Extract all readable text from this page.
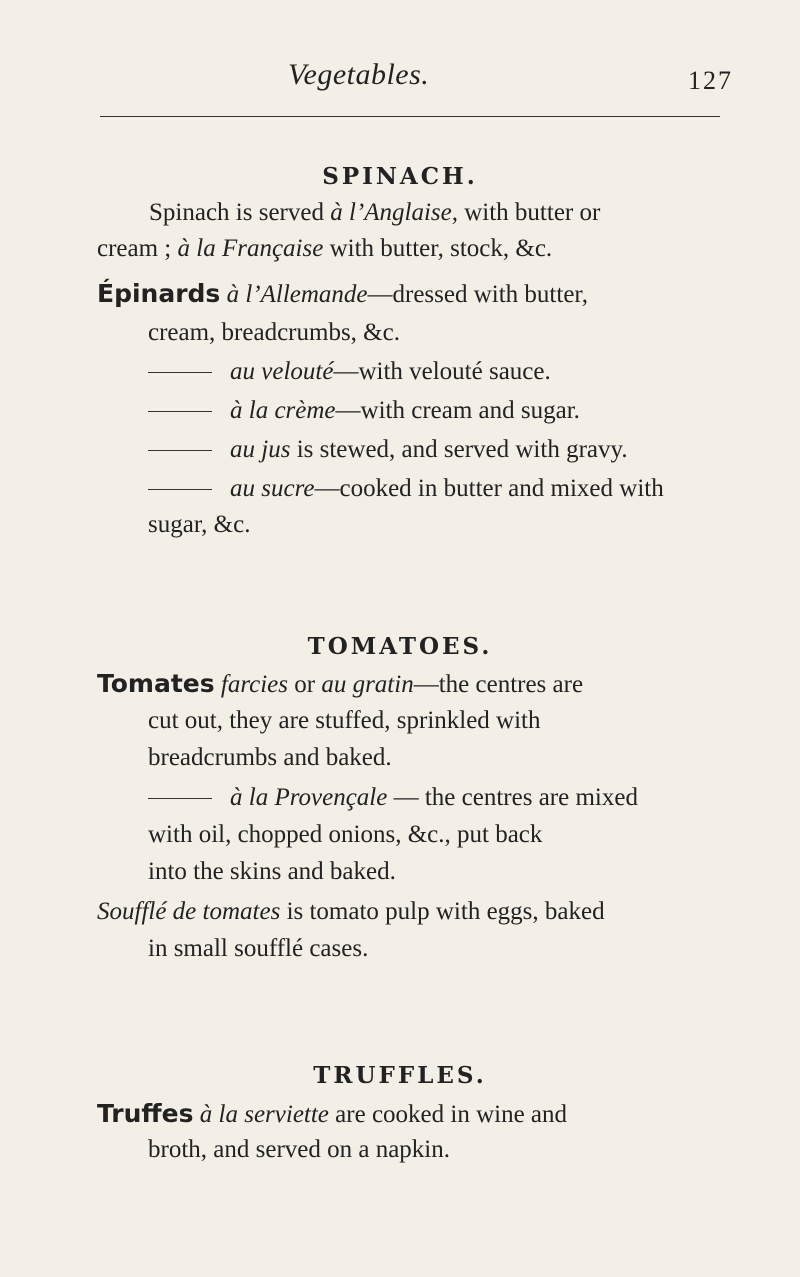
Vegetables.	127
SPINACH.
Spinach is served à l’Anglaise, with butter or
cream ; à la Française with butter, stock, &c.
Épinards à l’Allemande—dressed with butter,
cream, breadcrumbs, &c.
au velouté—with velouté sauce.
à la crème—with cream and sugar.
au jus is stewed, and served with gravy.
au sucre—cooked in butter and mixed with
sugar, &c.
TOMATOES.
Tomates farcies or au gratin—the centres are
cut out, they are stuffed, sprinkled with
breadcrumbs and baked.
à la Provençale — the centres are mixed
with oil, chopped onions, &c., put back
into the skins and baked.
Soufflé de tomates is tomato pulp with eggs, baked
in small soufflé cases.
TRUFFLES.
Truffes à la serviette are cooked in wine and
broth, and served on a napkin.
